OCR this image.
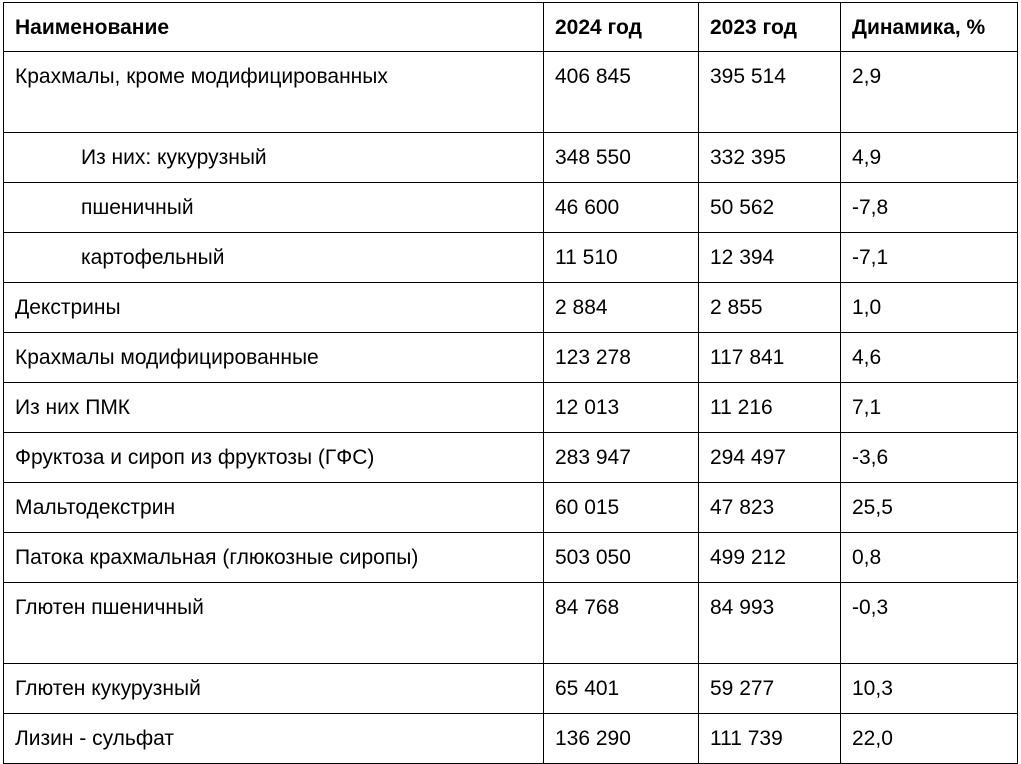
Наименование	2024 год	2023 год	Динамика, %
Крахмалы, кроме модифицированных	406 845	395 514	2,9
Из них: кукурузный	348 550	332 395	4,9
пшеничный	46 600	50 562	-7,8
картофельный	11 510	12 394	-7,1
Декстрины	2 884	2 855	1,0
Крахмалы модифицированные	123 278	117 841	4,6
Из них ПМК	12 013	11 216	7,1
Фруктоза и сироп из фруктозы (ГФС)	283 947	294 497	-3,6
Мальтодекстрин	60 015	47 823	25,5
Патока крахмальная (глюкозные сиропы)	503 050	499 212	0,8
Глютен пшеничный	84 768	84 993	-0,3
Глютен кукурузный	65 401	59 277	10,3
Лизин - сульфат	136 290	111 739	22,0
